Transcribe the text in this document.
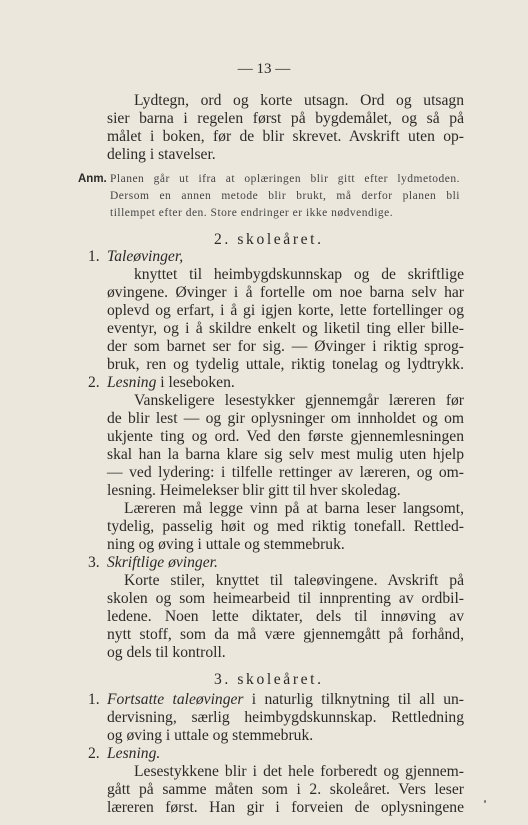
— 13 —
Lydtegn, ord og korte utsagn. Ord og utsagn
sier barna i regelen først på bygdemålet, og så på
målet i boken, før de blir skrevet. Avskrift uten op-
deling i stavelser.
Anm. Planen går ut ifra at oplæringen blir gitt efter lydmetoden.
Dersom en annen metode blir brukt, må derfor planen bli
tillempet efter den. Store endringer er ikke nødvendige.
2. skoleåret.
1. Taleøvinger,
knyttet til heimbygdskunnskap og de skriftlige
øvingene. Øvinger i å fortelle om noe barna selv har
oplevd og erfart, i å gi igjen korte, lette fortellinger og
eventyr, og i å skildre enkelt og liketil ting eller bille-
der som barnet ser for sig. — Øvinger i riktig sprog-
bruk, ren og tydelig uttale, riktig tonelag og lydtrykk.
2. Lesning i leseboken.
Vanskeligere lesestykker gjennemgår læreren før
de blir lest — og gir oplysninger om innholdet og om
ukjente ting og ord. Ved den første gjennemlesningen
skal han la barna klare sig selv mest mulig uten hjelp
— ved lydering: i tilfelle rettinger av læreren, og om-
lesning. Heimelekser blir gitt til hver skoledag.
Læreren må legge vinn på at barna leser langsomt,
tydelig, passelig høit og med riktig tonefall. Rettled-
ning og øving i uttale og stemmebruk.
3. Skriftlige øvinger.
Korte stiler, knyttet til taleøvingene. Avskrift på
skolen og som heimearbeid til innprenting av ordbil-
ledene. Noen lette diktater, dels til innøving av
nytt stoff, som da må være gjennemgått på forhånd,
og dels til kontroll.
3. skoleåret.
1. Fortsatte taleøvinger i naturlig tilknytning til all un-
dervisning, særlig heimbygdskunnskap. Rettledning
og øving i uttale og stemmebruk.
2. Lesning.
Lesestykkene blir i det hele forberedt og gjennem-
gått på samme måten som i 2. skoleåret. Vers leser
læreren først. Han gir i forveien de oplysningene
